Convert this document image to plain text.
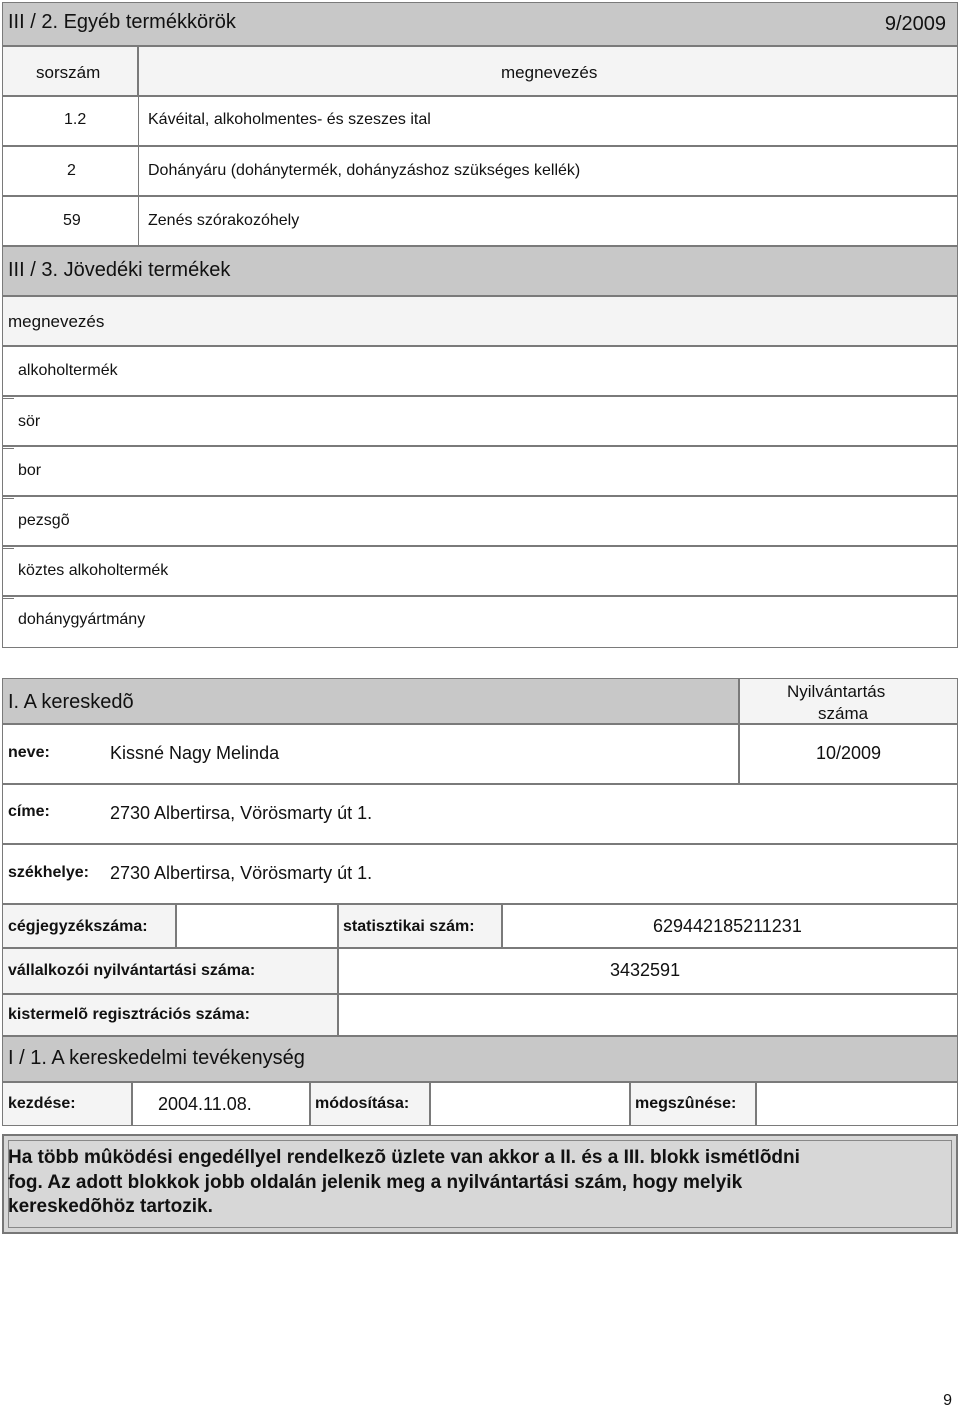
III / 2. Egyéb termékkörök	9/2009
sorszám	megnevezés
1.2	Kávéital, alkoholmentes- és szeszes ital
2	Dohányáru (dohánytermék, dohányzáshoz szükséges kellék)
59	Zenés szórakozóhely
III / 3. Jövedéki termékek
megnevezés
alkoholtermék
sör
bor
pezsgõ
köztes alkoholtermék
dohánygyártmány
I. A kereskedõ	Nyilvántartás
száma
neve:	Kissné Nagy Melinda	10/2009
címe:	2730 Albertirsa, Vörösmarty út 1.
székhelye: 2730 Albertirsa, Vörösmarty út 1.
cégjegyzékszáma:	statisztikai szám:	629442185211231
vállalkozói nyilvántartási száma:	3432591
kistermelõ regisztrációs száma:
I / 1. A kereskedelmi tevékenység
kezdése:	2004.11.08.	módosítása:	megszûnése:
Ha több mûködési engedéllyel rendelkezõ üzlete van akkor a II. és a III. blokk ismétlõdni
fog. Az adott blokkok jobb oldalán jelenik meg a nyilvántartási szám, hogy melyik
kereskedõhöz tartozik.
9
